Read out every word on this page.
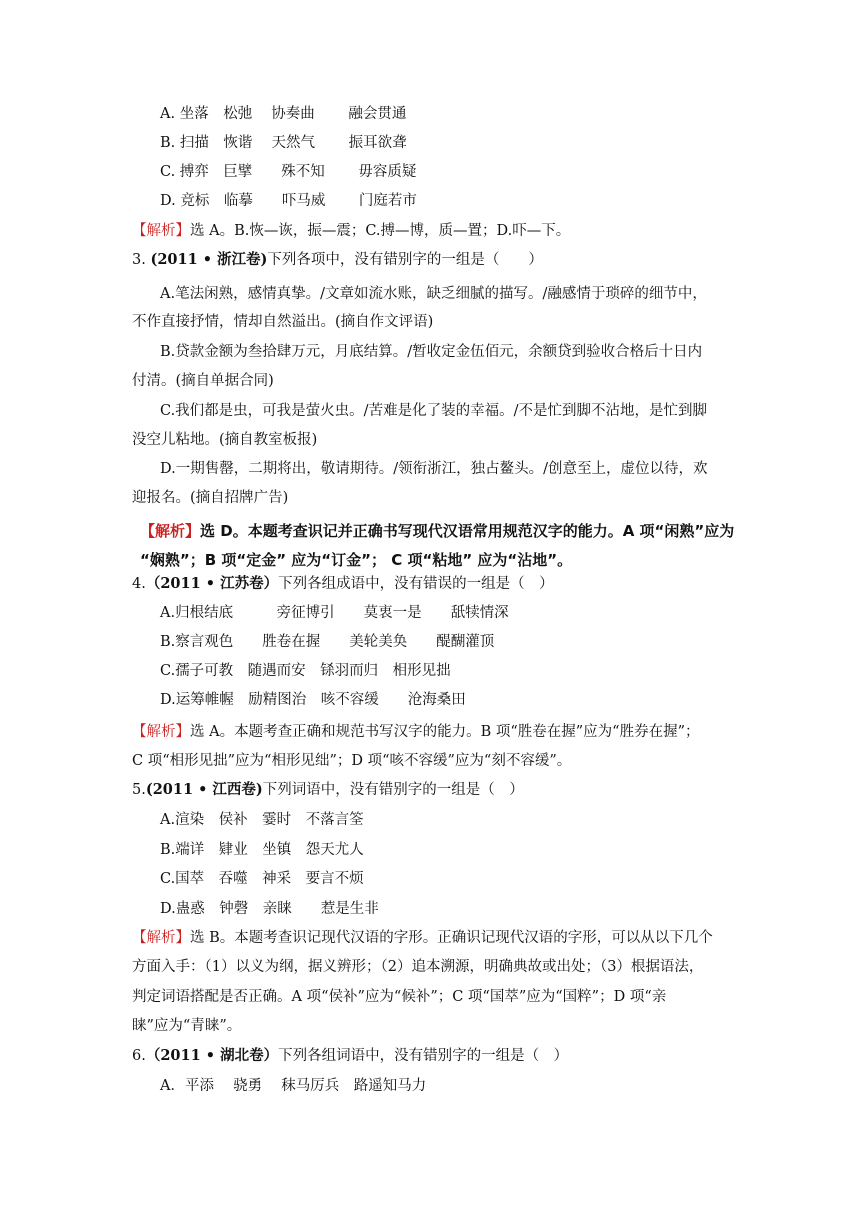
A. 坐落　松弛　 协奏曲　　 融会贯通
B. 扫描　恢谐　 天然气　　 振耳欲聋
C. 搏弈　巨擘　　殊不知　　 毋容质疑
D. 竞标　临摹　　吓马威　　 门庭若市
【解析】选 A。B.恢—诙，振—震；C.搏—博，质—置；D.吓—下。
3. (2011 • 浙江卷)下列各项中，没有错别字的一组是（　　）
A.笔法闲熟，感情真挚。/文章如流水账，缺乏细腻的描写。/融感情于琐碎的细节中，
不作直接抒情，情却自然溢出。(摘自作文评语)
B.贷款金额为叁拾肆万元，月底结算。/暂收定金伍佰元，余额贷到验收合格后十日内
付清。(摘自单据合同)
C.我们都是虫，可我是萤火虫。/苦难是化了装的幸福。/不是忙到脚不沾地，是忙到脚
没空儿粘地。(摘自教室板报)
D.一期售罄，二期将出，敬请期待。/领衔浙江，独占鳌头。/创意至上，虚位以待，欢
迎报名。(摘自招牌广告)
【解析】选 D。本题考查识记并正确书写现代汉语常用规范汉字的能力。A 项“闲熟”应为
“娴熟”；B 项“定金” 应为“订金”； C 项“粘地” 应为“沾地”。
4.（2011 • 江苏卷）下列各组成语中，没有错误的一组是（　）
A.归根结底　　　旁征博引　　莫衷一是　　舐犊情深
B.察言观色　　胜卷在握　　美轮美奂　　醍醐灌顶
C.孺子可教　随遇而安　铩羽而归　相形见拙
D.运筹帷幄　励精图治　咳不容缓　　沧海桑田
【解析】选 A。本题考查正确和规范书写汉字的能力。B 项“胜卷在握”应为“胜券在握”；
C 项“相形见拙”应为“相形见绌”；D 项“咳不容缓”应为“刻不容缓”。
5.(2011 • 江西卷)下列词语中，没有错别字的一组是（　）
A.渲染　侯补　霎时　不落言筌
B.端详　肄业　坐镇　怨天尤人
C.国萃　吞噬　神采　要言不烦
D.蛊惑　钟磬　亲睐　　惹是生非
【解析】选 B。本题考查识记现代汉语的字形。正确识记现代汉语的字形，可以从以下几个
方面入手：（1）以义为纲，据义辨形；（2）追本溯源，明确典故或出处；（3）根据语法，
判定词语搭配是否正确。A 项“侯补”应为“候补”；C 项“国萃”应为“国粹”；D 项“亲
睐”应为“青睐”。
6.（2011 • 湖北卷）下列各组词语中，没有错别字的一组是（　）
A．平添　 骁勇　 秣马厉兵　路遥知马力
